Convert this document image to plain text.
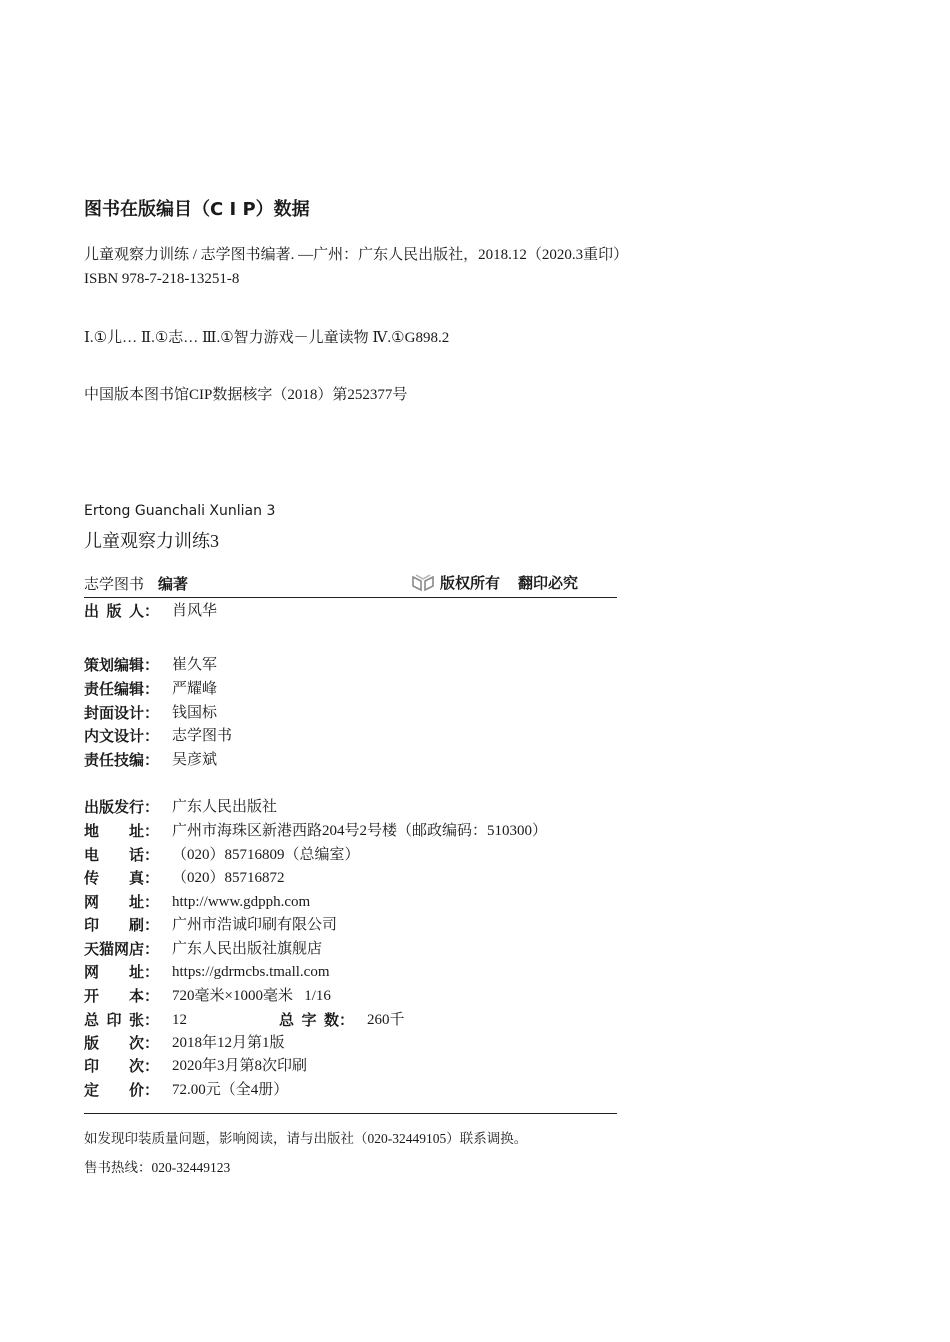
图书在版编目（C I P）数据
儿童观察力训练 / 志学图书编著. —广州：广东人民出版社，2018.12（2020.3重印）
ISBN 978-7-218-13251-8
Ⅰ.①儿… Ⅱ.①志… Ⅲ.①智力游戏－儿童读物 Ⅳ.①G898.2
中国版本图书馆CIP数据核字（2018）第252377号
Ertong Guanchali Xunlian 3
儿童观察力训练3
志学图书 编著	版权所有 翻印必究
出 版 人： 肖风华
策划编辑： 崔久军
责任编辑： 严耀峰
封面设计： 钱国标
内文设计： 志学图书
责任技编： 吴彦斌
出版发行： 广东人民出版社
地 址： 广州市海珠区新港西路204号2号楼（邮政编码：510300）
电 话： （020）85716809（总编室）
传 真： （020）85716872
网 址： http://www.gdpph.com
印 刷： 广州市浩诚印刷有限公司
天猫网店： 广东人民出版社旗舰店
网 址： https://gdrmcbs.tmall.com
开 本： 720毫米×1000毫米   1/16
总 印 张： 12	总 字 数： 260千
版 次： 2018年12月第1版
印 次： 2020年3月第8次印刷
定 价： 72.00元（全4册）
如发现印装质量问题，影响阅读，请与出版社（020-32449105）联系调换。
售书热线：020-32449123
